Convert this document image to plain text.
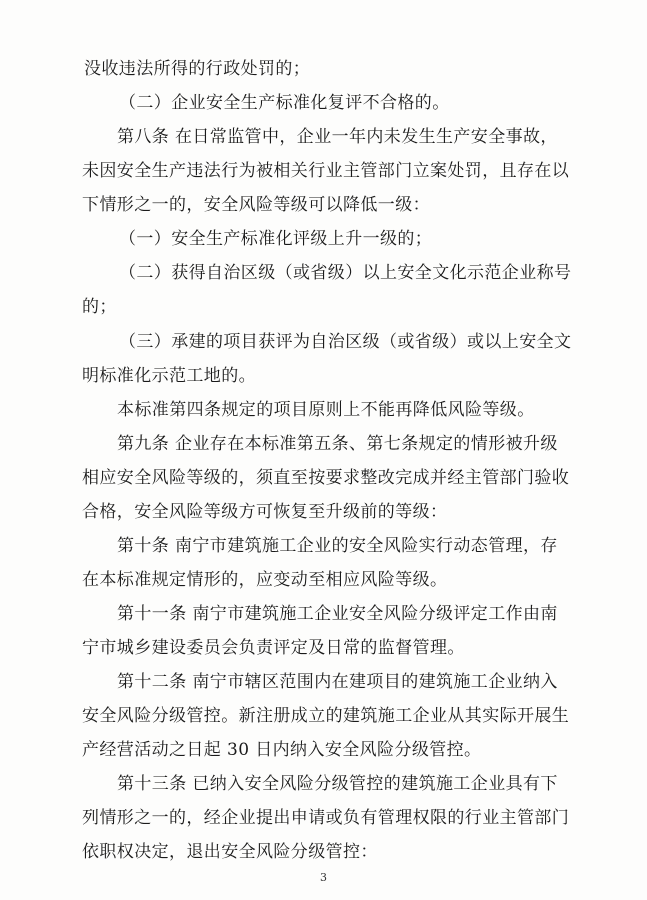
没收违法所得的行政处罚的；
（二）企业安全生产标准化复评不合格的。
第八条 在日常监管中，企业一年内未发生生产安全事故，
未因安全生产违法行为被相关行业主管部门立案处罚，且存在以
下情形之一的，安全风险等级可以降低一级：
（一）安全生产标准化评级上升一级的；
（二）获得自治区级（或省级）以上安全文化示范企业称号
的；
（三）承建的项目获评为自治区级（或省级）或以上安全文
明标准化示范工地的。
本标准第四条规定的项目原则上不能再降低风险等级。
第九条 企业存在本标准第五条、第七条规定的情形被升级
相应安全风险等级的，须直至按要求整改完成并经主管部门验收
合格，安全风险等级方可恢复至升级前的等级：
第十条 南宁市建筑施工企业的安全风险实行动态管理，存
在本标准规定情形的，应变动至相应风险等级。
第十一条 南宁市建筑施工企业安全风险分级评定工作由南
宁市城乡建设委员会负责评定及日常的监督管理。
第十二条 南宁市辖区范围内在建项目的建筑施工企业纳入
安全风险分级管控。新注册成立的建筑施工企业从其实际开展生
产经营活动之日起 30 日内纳入安全风险分级管控。
第十三条 已纳入安全风险分级管控的建筑施工企业具有下
列情形之一的，经企业提出申请或负有管理权限的行业主管部门
依职权决定，退出安全风险分级管控：
3
